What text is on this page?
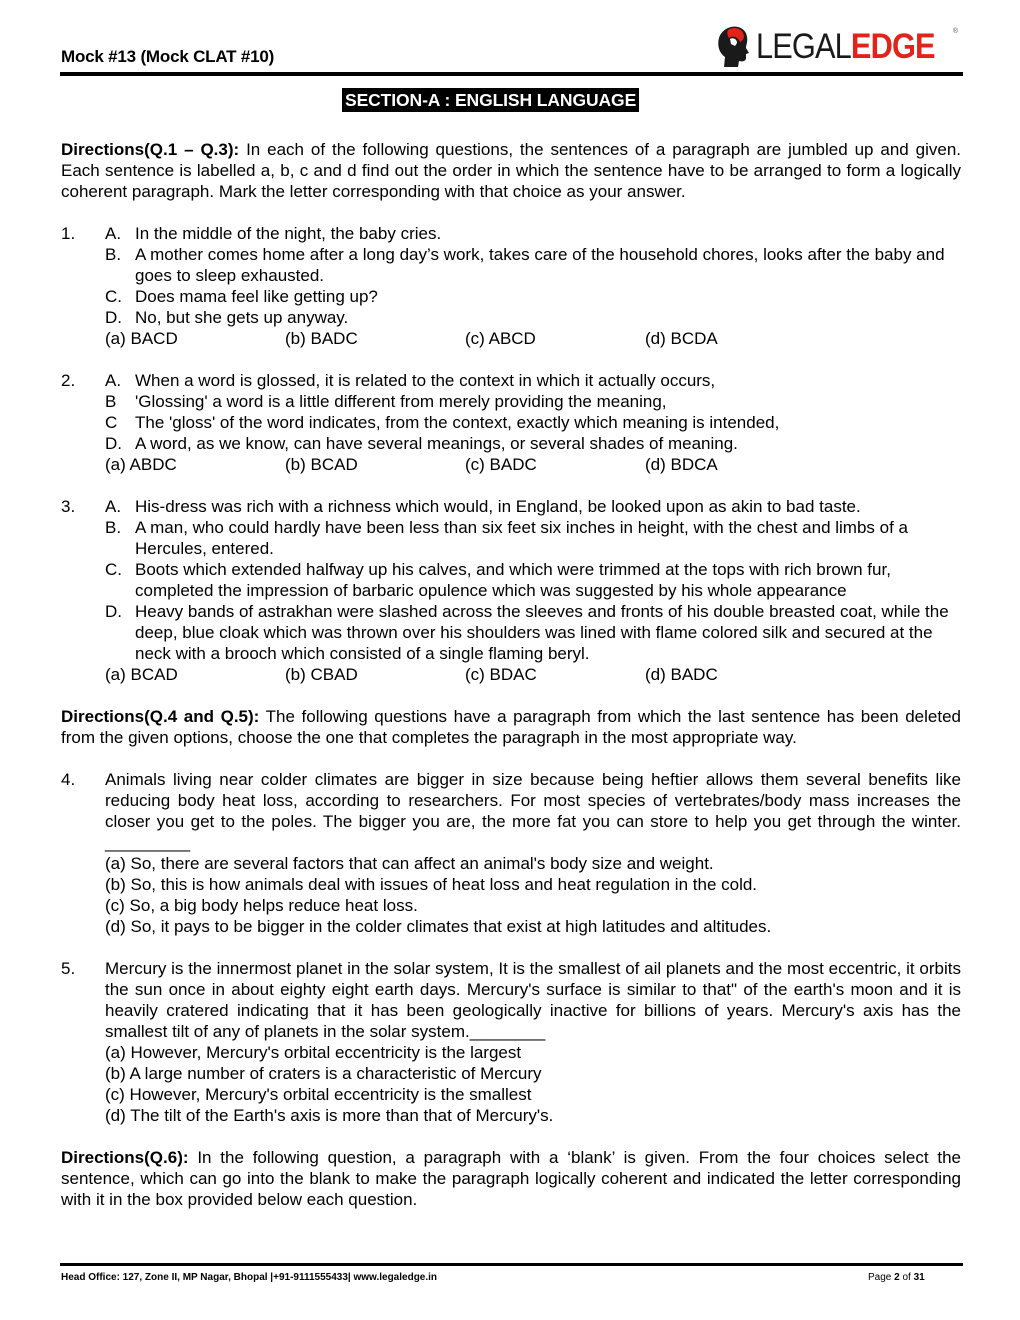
Mock #13 (Mock CLAT #10)	LEGALEDGE	®
SECTION-A : ENGLISH LANGUAGE

Directions(Q.1 – Q.3): In each of the following questions, the sentences of a paragraph are jumbled up and given. Each sentence is labelled a, b, c and d find out the order in which the sentence have to be arranged to form a logically coherent paragraph. Mark the letter corresponding with that choice as your answer.

1.	A. In the middle of the night, the baby cries.
B. A mother comes home after a long day’s work, takes care of the household chores, looks after the baby and goes to sleep exhausted.
C. Does mama feel like getting up?
D. No, but she gets up anyway.
(a) BACD	(b) BADC	(c) ABCD	(d) BCDA
2.	A. When a word is glossed, it is related to the context in which it actually occurs,
B 'Glossing' a word is a little different from merely providing the meaning,
C The 'gloss' of the word indicates, from the context, exactly which meaning is intended,
D. A word, as we know, can have several meanings, or several shades of meaning.
(a) ABDC	(b) BCAD	(c) BADC	(d) BDCA
3.	A. His-dress was rich with a richness which would, in England, be looked upon as akin to bad taste.
B. A man, who could hardly have been less than six feet six inches in height, with the chest and limbs of a Hercules, entered.
C. Boots which extended halfway up his calves, and which were trimmed at the tops with rich brown fur, completed the impression of barbaric opulence which was suggested by his whole appearance
D. Heavy bands of astrakhan were slashed across the sleeves and fronts of his double breasted coat, while the deep, blue cloak which was thrown over his shoulders was lined with flame colored silk and secured at the neck with a brooch which consisted of a single flaming beryl.
(a) BCAD	(b) CBAD	(c) BDAC	(d) BADC

Directions(Q.4 and Q.5): The following questions have a paragraph from which the last sentence has been deleted from the given options, choose the one that completes the paragraph in the most appropriate way.

4.	Animals living near colder climates are bigger in size because being heftier allows them several benefits like reducing body heat loss, according to researchers. For most species of vertebrates/body mass increases the closer you get to the poles. The bigger you are, the more fat you can store to help you get through the winter. _________

(a) So, there are several factors that can affect an animal's body size and weight.

(b) So, this is how animals deal with issues of heat loss and heat regulation in the cold.

(c) So, a big body helps reduce heat loss.

(d) So, it pays to be bigger in the colder climates that exist at high latitudes and altitudes.

5.	Mercury is the innermost planet in the solar system, It is the smallest of ail planets and the most eccentric, it orbits the sun once in about eighty eight earth days. Mercury's surface is similar to that" of the earth's moon and it is heavily cratered indicating that it has been geologically inactive for billions of years. Mercury's axis has the smallest tilt of any of planets in the solar system.________

(a) However, Mercury's orbital eccentricity is the largest

(b) A large number of craters is a characteristic of Mercury

(c) However, Mercury's orbital eccentricity is the smallest

(d) The tilt of the Earth's axis is more than that of Mercury's.

Directions(Q.6): In the following question, a paragraph with a ‘blank’ is given. From the four choices select the sentence, which can go into the blank to make the paragraph logically coherent and indicated the letter corresponding with it in the box provided below each question.

Head Office: 127, Zone II, MP Nagar, Bhopal |+91-9111555433| www.legaledge.in	Page 2 of 31
